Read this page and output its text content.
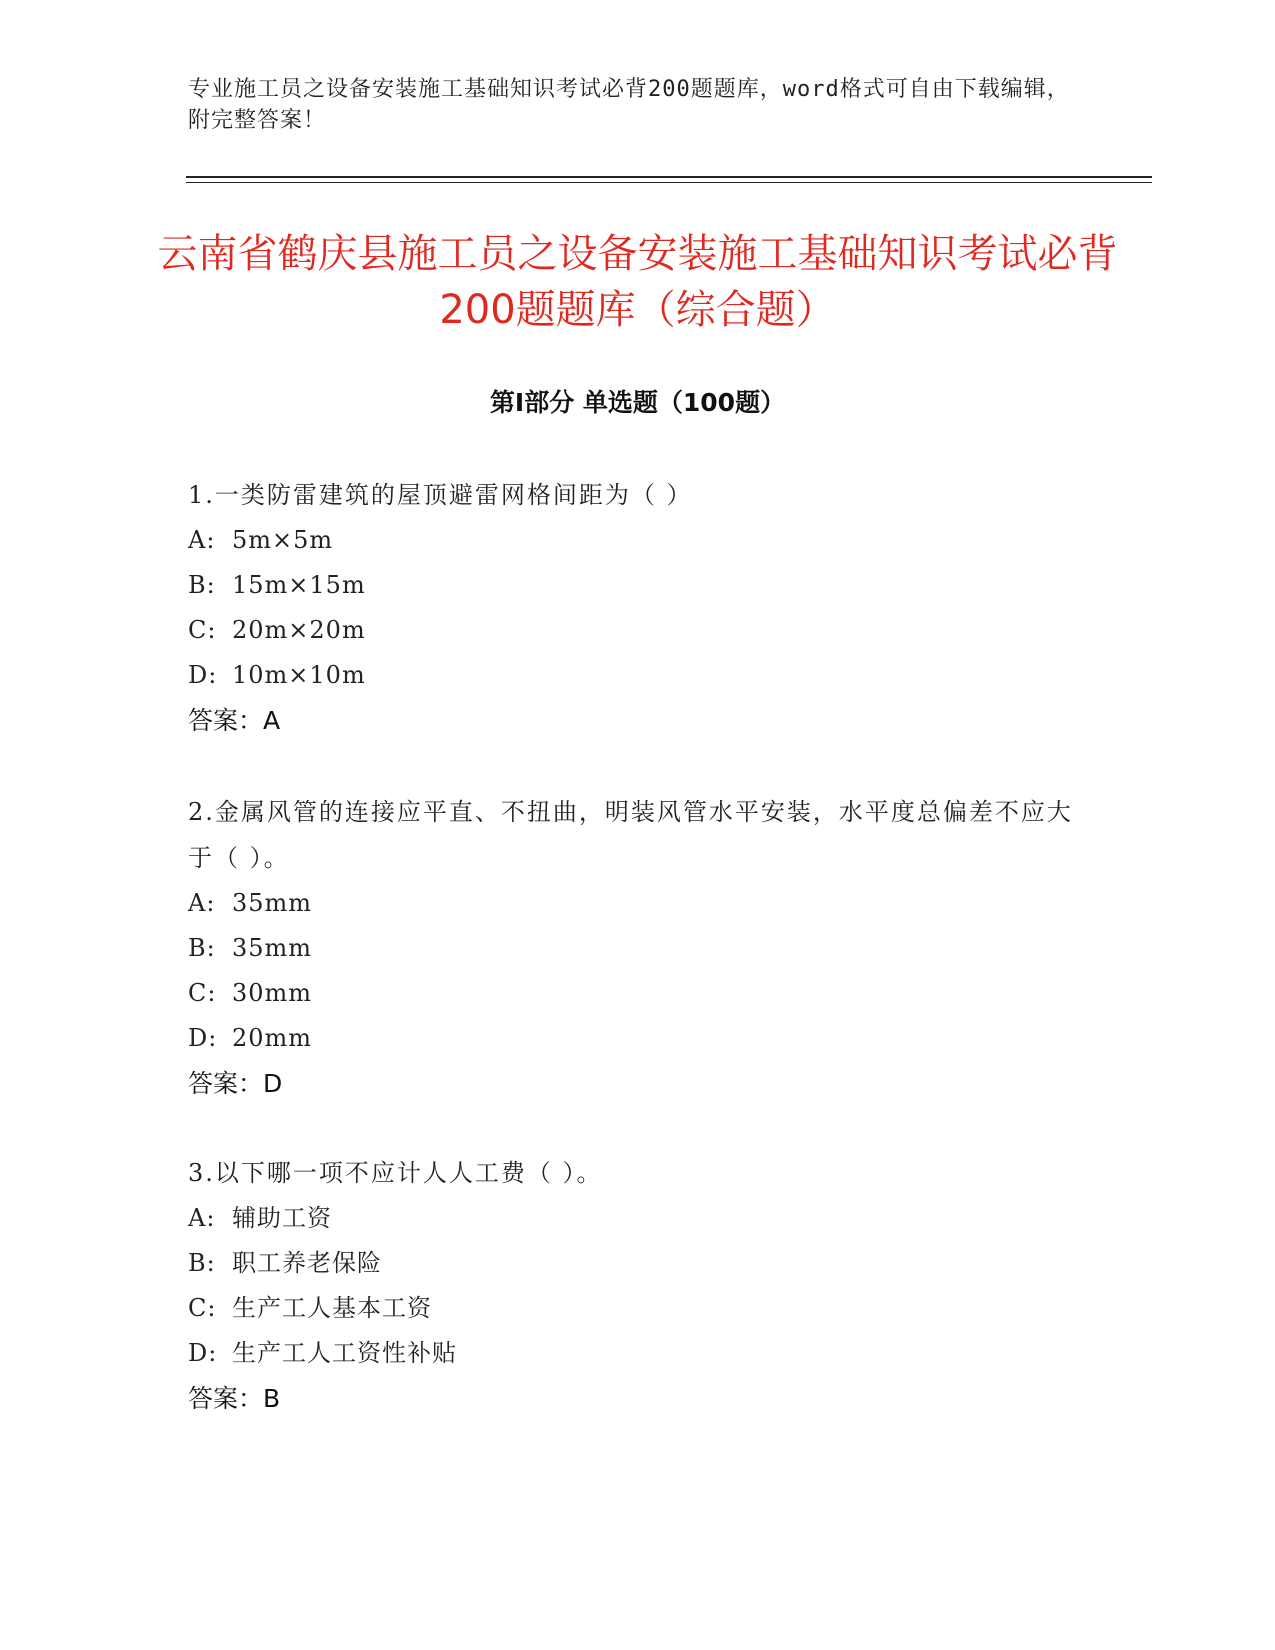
专业施工员之设备安装施工基础知识考试必背200题题库，word格式可自由下载编辑，附完整答案！
云南省鹤庆县施工员之设备安装施工基础知识考试必背200题题库（综合题）
第Ⅰ部分 单选题（100题）

1.一类防雷建筑的屋顶避雷网格间距为（ ）

A: 5m×5m

B: 15m×15m

C: 20m×20m

D: 10m×10m

答案：A

2.金属风管的连接应平直、不扭曲，明装风管水平安装，水平度总偏差不应大于（ ）。

A: 35mm

B: 35mm

C: 30mm

D: 20mm

答案：D

3.以下哪一项不应计人人工费（ ）。

A: 辅助工资

B: 职工养老保险

C: 生产工人基本工资

D: 生产工人工资性补贴

答案：B
